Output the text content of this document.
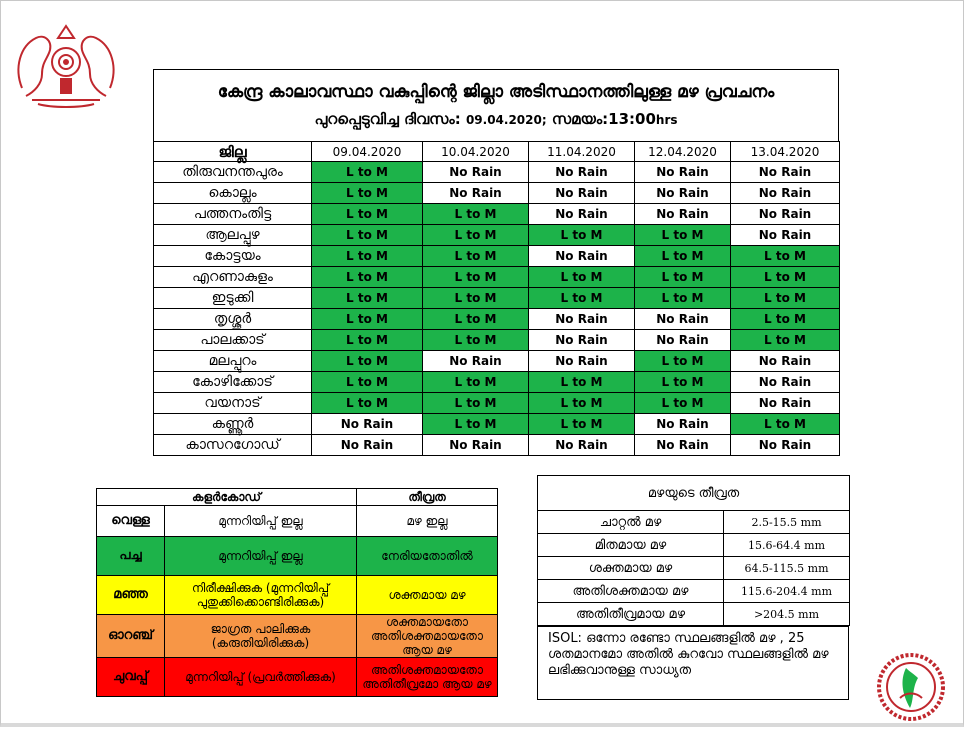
കേന്ദ്ര കാലാവസ്ഥാ വകുപ്പിന്റെ ജില്ലാ അടിസ്ഥാനത്തിലുള്ള മഴ പ്രവചനം
പുറപ്പെടുവിച്ച ദിവസം: 09.04.2020; സമയം:13:00hrs
ജില്ല	09.04.2020	10.04.2020	11.04.2020	12.04.2020	13.04.2020
തിരുവനന്തപുരം	L to M	No Rain	No Rain	No Rain	No Rain
കൊല്ലം	L to M	No Rain	No Rain	No Rain	No Rain
പത്തനംതിട്ട	L to M	L to M	No Rain	No Rain	No Rain
ആലപ്പുഴ	L to M	L to M	L to M	L to M	No Rain
കോട്ടയം	L to M	L to M	No Rain	L to M	L to M
എറണാകുളം	L to M	L to M	L to M	L to M	L to M
ഇടുക്കി	L to M	L to M	L to M	L to M	L to M
തൃശ്ശൂർ	L to M	L to M	No Rain	No Rain	L to M
പാലക്കാട്	L to M	L to M	No Rain	No Rain	L to M
മലപ്പുറം	L to M	No Rain	No Rain	L to M	No Rain
കോഴിക്കോട്	L to M	L to M	L to M	L to M	No Rain
വയനാട്	L to M	L to M	L to M	L to M	No Rain
കണ്ണൂർ	No Rain	L to M	L to M	No Rain	L to M
കാസറഗോഡ്	No Rain	No Rain	No Rain	No Rain	No Rain
കളർകോഡ്		തീവ്രത
വെള്ള	മുന്നറിയിപ്പ് ഇല്ല	മഴ ഇല്ല
പച്ച	മുന്നറിയിപ്പ് ഇല്ല	നേരിയതോതിൽ
മഞ്ഞ	നിരീക്ഷിക്കുക (മുന്നറിയിപ്പ് പുതുക്കിക്കൊണ്ടിരിക്കുക)	ശക്തമായ മഴ
ഓറഞ്ച്	ജാഗ്രത പാലിക്കുക (കരുതിയിരിക്കുക)	ശക്തമായതോ അതിശക്തമായതോ ആയ മഴ
ചുവപ്പ്	മുന്നറിയിപ്പ് (പ്രവർത്തിക്കുക)	അതിശക്തമായതോ അതിതീവ്രമോ ആയ മഴ
മഴയുടെ തീവ്രത	
ചാറ്റൽ മഴ	2.5-15.5 mm
മിതമായ മഴ	15.6-64.4 mm
ശക്തമായ മഴ	64.5-115.5 mm
അതിശക്തമായ മഴ	115.6-204.4 mm
അതിതീവ്രമായ മഴ	>204.5 mm
ISOL: ഒന്നോ രണ്ടോ സ്ഥലങ്ങളിൽ മഴ , 25 ശതമാനമോ അതിൽ കുറവോ സ്ഥലങ്ങളിൽ മഴ ലഭിക്കുവാനുള്ള സാധ്യത
